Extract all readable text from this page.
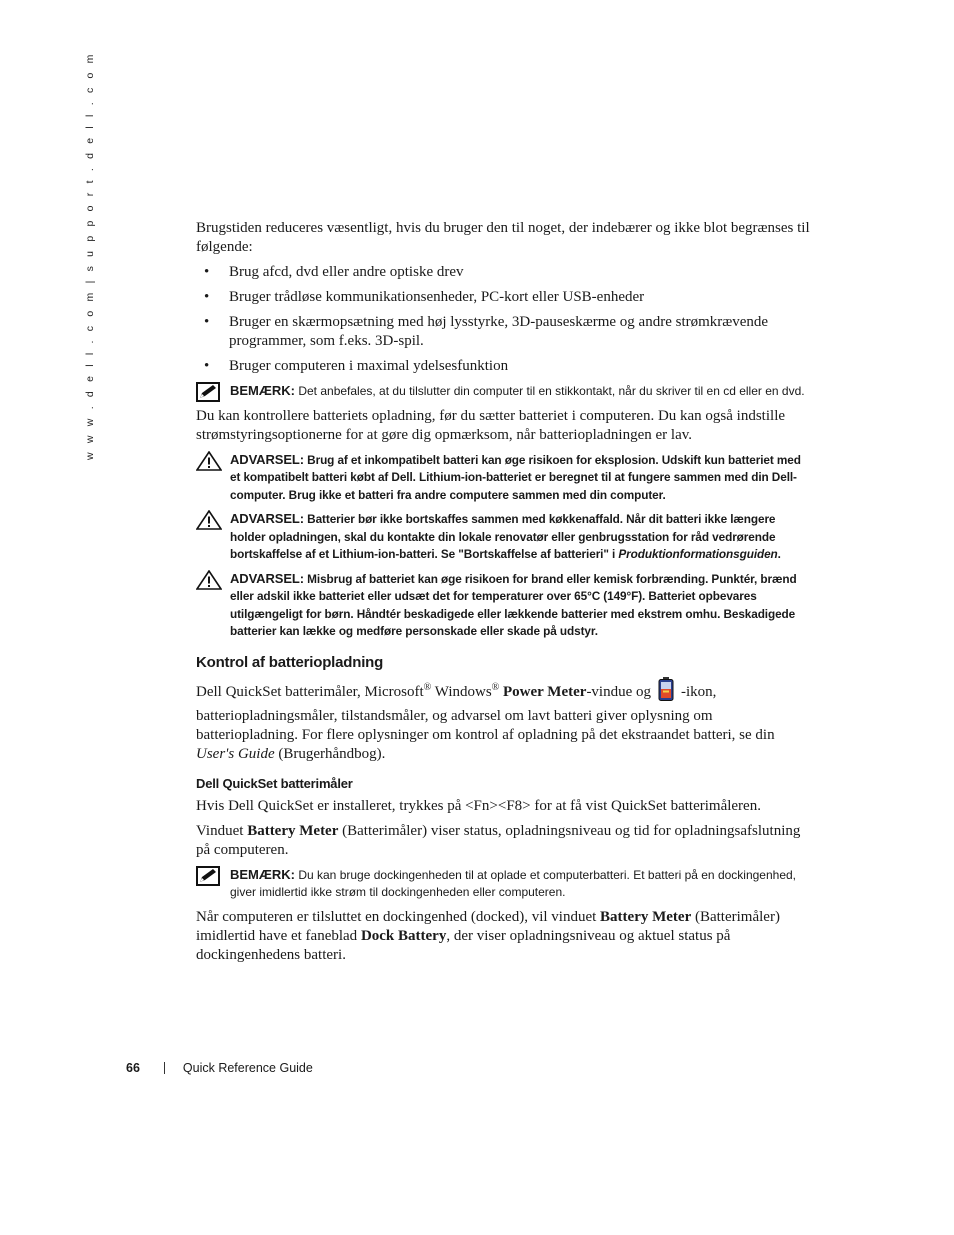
w w w . d e l l . c o m | s u p p o r t . d e l l . c o m	Brugstiden reduceres væsentligt, hvis du bruger den til noget, der indebærer og ikke blot begrænses til følgende:

• Brug afcd, dvd eller andre optiske drev
• Bruger trådløse kommunikationsenheder, PC-kort eller USB-enheder
• Bruger en skærmopsætning med høj lysstyrke, 3D-pauseskærme og andre strømkrævende programmer, som f.eks. 3D-spil.
• Bruger computeren i maximal ydelsesfunktion
BEMÆRK: Det anbefales, at du tilslutter din computer til en stikkontakt, når du skriver til en cd eller en dvd.

Du kan kontrollere batteriets opladning, før du sætter batteriet i computeren. Du kan også indstille strømstyringsoptionerne for at gøre dig opmærksom, når batteriopladningen er lav.

ADVARSEL: Brug af et inkompatibelt batteri kan øge risikoen for eksplosion. Udskift kun batteriet med et kompatibelt batteri købt af Dell. Lithium-ion-batteriet er beregnet til at fungere sammen med din Dell-computer. Brug ikke et batteri fra andre computere sammen med din computer.
ADVARSEL: Batterier bør ikke bortskaffes sammen med køkkenaffald. Når dit batteri ikke længere holder opladningen, skal du kontakte din lokale renovatør eller genbrugsstation for råd vedrørende bortskaffelse af et Lithium-ion-batteri. Se "Bortskaffelse af batterieri" i Produktionformationsguiden.
ADVARSEL: Misbrug af batteriet kan øge risikoen for brand eller kemisk forbrænding. Punktér, brænd eller adskil ikke batteriet eller udsæt det for temperaturer over 65°C (149°F). Batteriet opbevares utilgængeligt for børn. Håndtér beskadigede eller lækkende batterier med ekstrem omhu. Beskadigede batterier kan lække og medføre personskade eller skade på udstyr.
Kontrol af batteriopladning

Dell QuickSet batterimåler, Microsoft® Windows® Power Meter-vindue og -ikon, batteriopladningsmåler, tilstandsmåler, og advarsel om lavt batteri giver oplysning om batteriopladning. For flere oplysninger om kontrol af opladning på det ekstraandet batteri, se din User's Guide (Brugerhåndbog).

Dell QuickSet batterimåler

Hvis Dell QuickSet er installeret, trykkes på <Fn><F8> for at få vist QuickSet batterimåleren.

Vinduet Battery Meter (Batterimåler) viser status, opladningsniveau og tid for opladningsafslutning på computeren.

BEMÆRK: Du kan bruge dockingenheden til at oplade et computerbatteri. Et batteri på en dockingenhed, giver imidlertid ikke strøm til dockingenheden eller computeren.

Når computeren er tilsluttet en dockingenhed (docked), vil vinduet Battery Meter (Batterimåler) imidlertid have et faneblad Dock Battery, der viser opladningsniveau og aktuel status på dockingenhedens batteri.

66	Quick Reference Guide
